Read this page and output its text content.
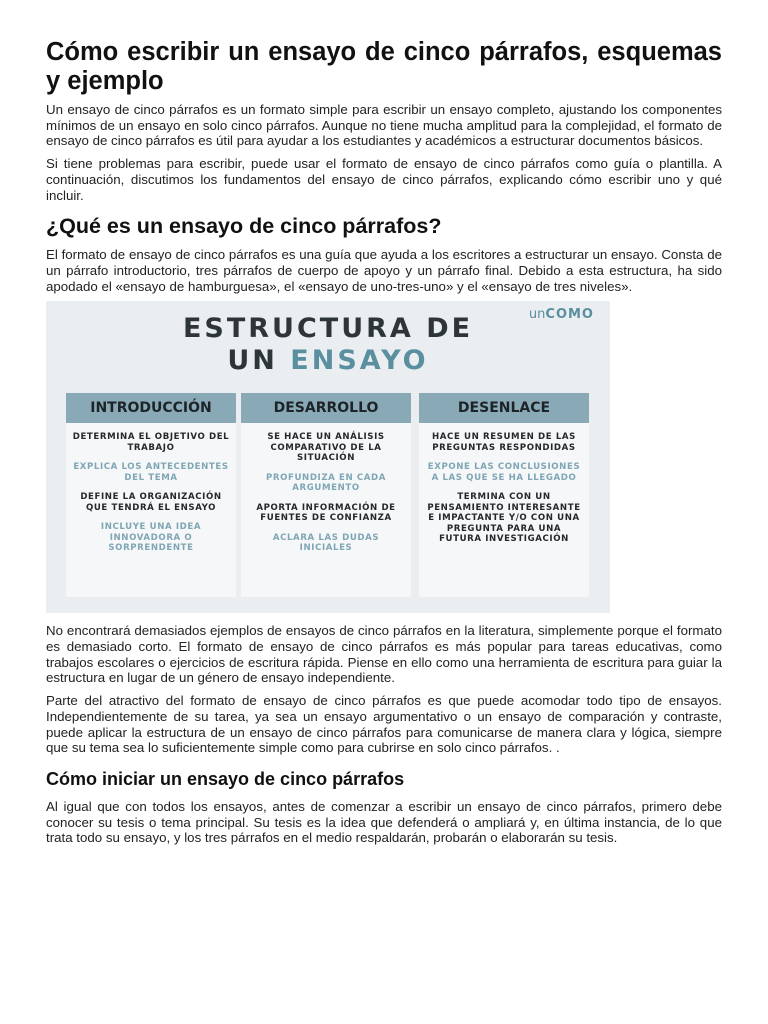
Cómo escribir un ensayo de cinco párrafos, esquemas y ejemplo

Un ensayo de cinco párrafos es un formato simple para escribir un ensayo completo, ajustando los componentes mínimos de un ensayo en solo cinco párrafos. Aunque no tiene mucha amplitud para la complejidad, el formato de ensayo de cinco párrafos es útil para ayudar a los estudiantes y académicos a estructurar documentos básicos.

Si tiene problemas para escribir, puede usar el formato de ensayo de cinco párrafos como guía o plantilla. A continuación, discutimos los fundamentos del ensayo de cinco párrafos, explicando cómo escribir uno y qué incluir.

¿Qué es un ensayo de cinco párrafos?

El formato de ensayo de cinco párrafos es una guía que ayuda a los escritores a estructurar un ensayo. Consta de un párrafo introductorio, tres párrafos de cuerpo de apoyo y un párrafo final. Debido a esta estructura, ha sido apodado el «ensayo de hamburguesa», el «ensayo de uno-tres-uno» y el «ensayo de tres niveles».

unCOMO
ESTRUCTURA DE
UN ENSAYO
INTRODUCCIÓN
DETERMINA EL OBJETIVO DEL TRABAJO
EXPLICA LOS ANTECEDENTES DEL TEMA
DEFINE LA ORGANIZACIÓN QUE TENDRÁ EL ENSAYO
INCLUYE UNA IDEA INNOVADORA O SORPRENDENTE
DESARROLLO
SE HACE UN ANÁLISIS COMPARATIVO DE LA SITUACIÓN
PROFUNDIZA EN CADA ARGUMENTO
APORTA INFORMACIÓN DE FUENTES DE CONFIANZA
ACLARA LAS DUDAS INICIALES
DESENLACE
HACE UN RESUMEN DE LAS PREGUNTAS RESPONDIDAS
EXPONE LAS CONCLUSIONES A LAS QUE SE HA LLEGADO
TERMINA CON UN PENSAMIENTO INTERESANTE E IMPACTANTE Y/O CON UNA PREGUNTA PARA UNA FUTURA INVESTIGACIÓN

No encontrará demasiados ejemplos de ensayos de cinco párrafos en la literatura, simplemente porque el formato es demasiado corto. El formato de ensayo de cinco párrafos es más popular para tareas educativas, como trabajos escolares o ejercicios de escritura rápida. Piense en ello como una herramienta de escritura para guiar la estructura en lugar de un género de ensayo independiente.

Parte del atractivo del formato de ensayo de cinco párrafos es que puede acomodar todo tipo de ensayos. Independientemente de su tarea, ya sea un ensayo argumentativo o un ensayo de comparación y contraste, puede aplicar la estructura de un ensayo de cinco párrafos para comunicarse de manera clara y lógica, siempre que su tema sea lo suficientemente simple como para cubrirse en solo cinco párrafos. .

Cómo iniciar un ensayo de cinco párrafos

Al igual que con todos los ensayos, antes de comenzar a escribir un ensayo de cinco párrafos, primero debe conocer su tesis o tema principal. Su tesis es la idea que defenderá o ampliará y, en última instancia, de lo que trata todo su ensayo, y los tres párrafos en el medio respaldarán, probarán o elaborarán su tesis.
